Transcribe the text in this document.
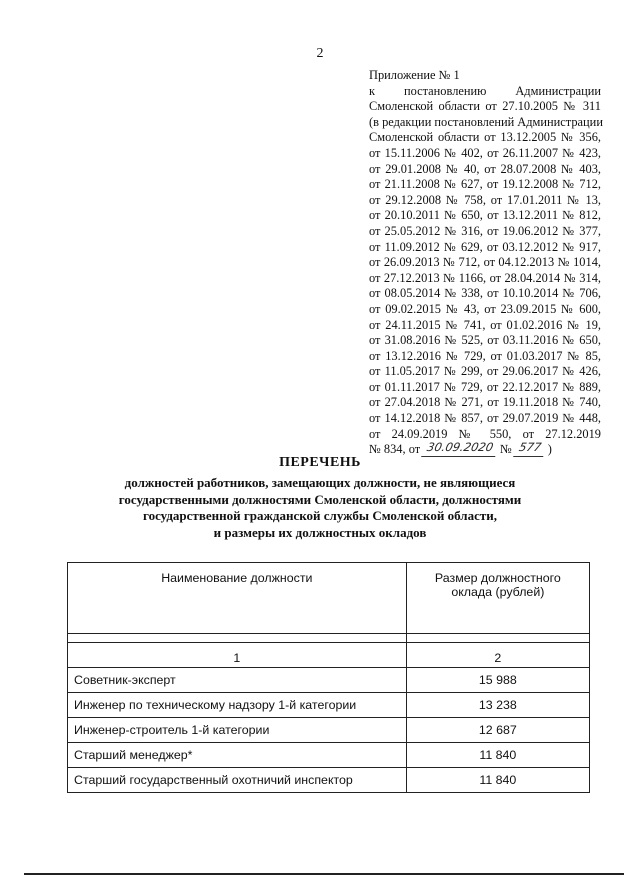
2
Приложение № 1
к постановлению Администрации
Смоленской области от 27.10.2005 № 311
(в редакции постановлений Администрации
Смоленской области от 13.12.2005 № 356,
от 15.11.2006 № 402, от 26.11.2007 № 423,
от 29.01.2008 № 40, от 28.07.2008 № 403,
от 21.11.2008 № 627, от 19.12.2008 № 712,
от 29.12.2008 № 758, от 17.01.2011 № 13,
от 20.10.2011 № 650, от 13.12.2011 № 812,
от 25.05.2012 № 316, от 19.06.2012 № 377,
от 11.09.2012 № 629, от 03.12.2012 № 917,
от 26.09.2013 № 712, от 04.12.2013 № 1014,
от 27.12.2013 № 1166, от 28.04.2014 № 314,
от 08.05.2014 № 338, от 10.10.2014 № 706,
от 09.02.2015 № 43, от 23.09.2015 № 600,
от 24.11.2015 № 741, от 01.02.2016 № 19,
от 31.08.2016 № 525, от 03.11.2016 № 650,
от 13.12.2016 № 729, от 01.03.2017 № 85,
от 11.05.2017 № 299, от 29.06.2017 № 426,
от 01.11.2017 № 729, от 22.12.2017 № 889,
от 27.04.2018 № 271, от 19.11.2018 № 740,
от 14.12.2018 № 857, от 29.07.2019 № 448,
от 24.09.2019 № 550, от 27.12.2019
№ 834, от 30.09.2020 № 577 )
ПЕРЕЧЕНЬ
должностей работников, замещающих должности, не являющиеся
государственными должностями Смоленской области, должностями
государственной гражданской службы Смоленской области,
и размеры их должностных окладов
Наименование должности	Размер должностного
оклада (рублей)

1	2
Советник-эксперт	15 988
Инженер по техническому надзору 1-й категории	13 238
Инженер-строитель 1-й категории	12 687
Старший менеджер*	11 840
Старший государственный охотничий инспектор	11 840
